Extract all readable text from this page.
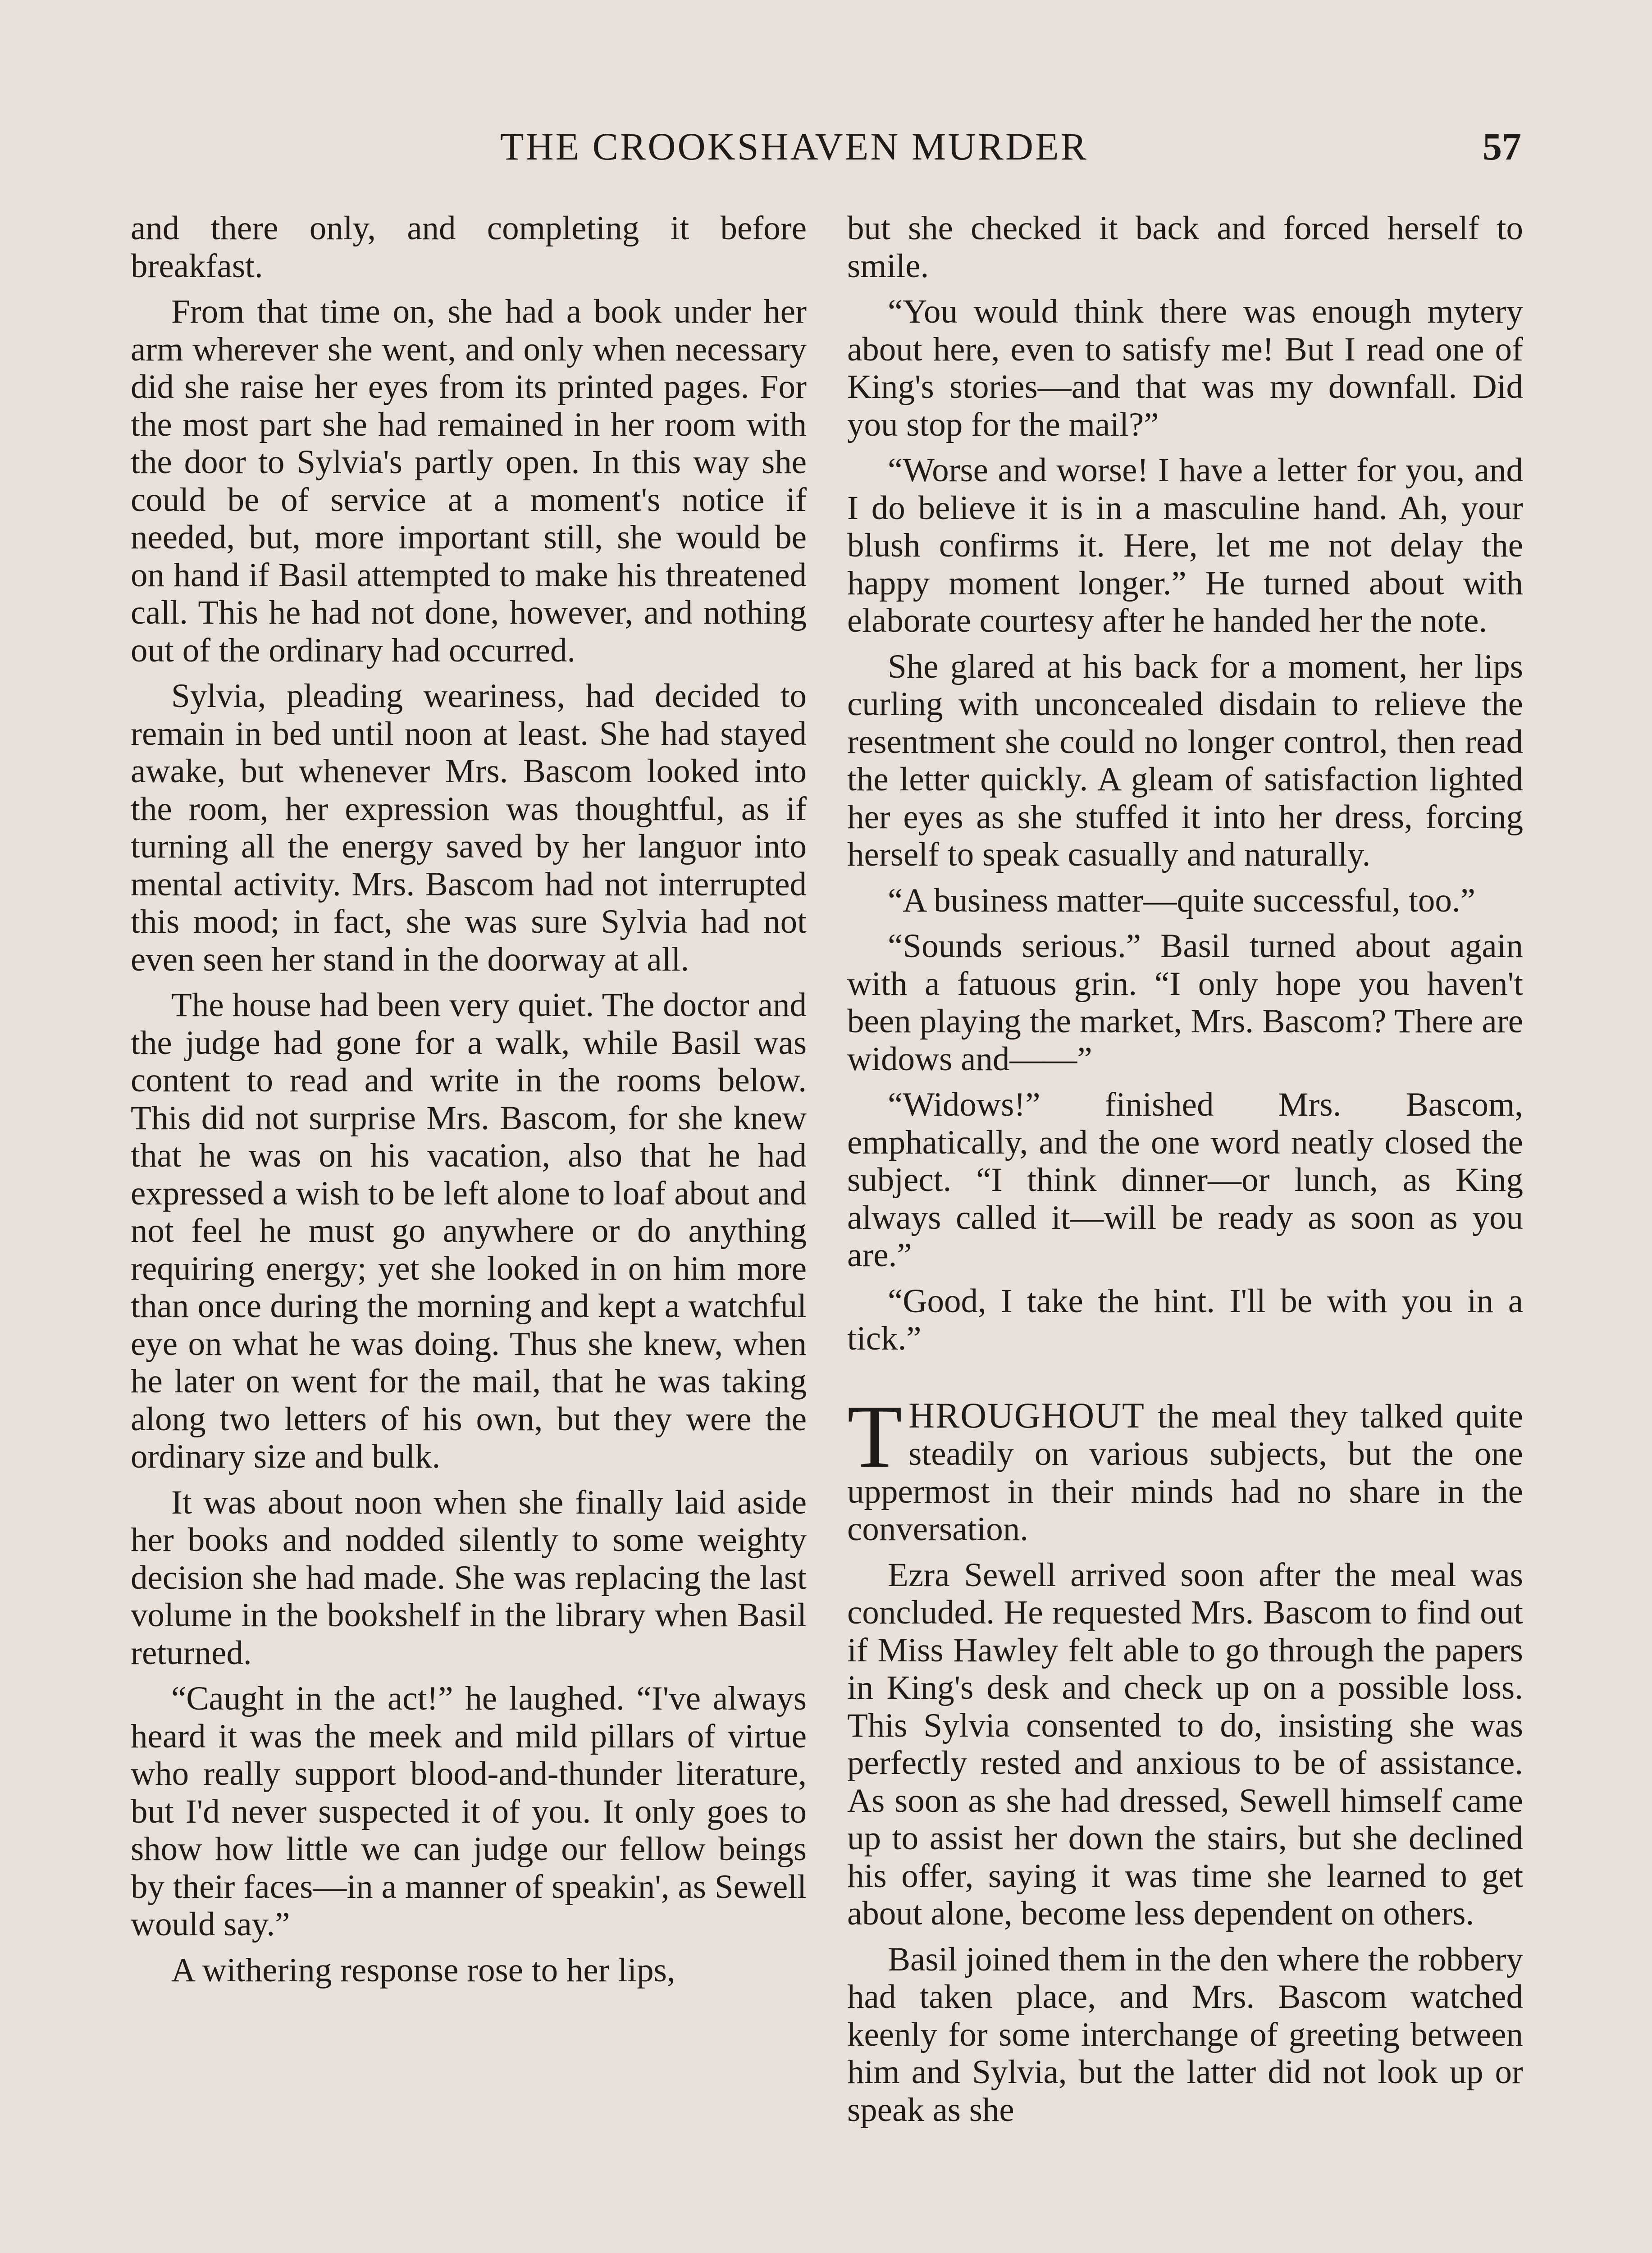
THE CROOKSHAVEN MURDER	57

and there only, and completing it before breakfast.

From that time on, she had a book under her arm wherever she went, and only when necessary did she raise her eyes from its printed pages. For the most part she had remained in her room with the door to Sylvia's partly open. In this way she could be of service at a moment's notice if needed, but, more important still, she would be on hand if Basil attempted to make his threatened call. This he had not done, however, and nothing out of the ordinary had occurred.

Sylvia, pleading weariness, had decided to remain in bed until noon at least. She had stayed awake, but whenever Mrs. Bascom looked into the room, her expression was thoughtful, as if turning all the energy saved by her languor into mental activity. Mrs. Bascom had not interrupted this mood; in fact, she was sure Sylvia had not even seen her stand in the doorway at all.

The house had been very quiet. The doctor and the judge had gone for a walk, while Basil was content to read and write in the rooms below. This did not surprise Mrs. Bascom, for she knew that he was on his vacation, also that he had expressed a wish to be left alone to loaf about and not feel he must go anywhere or do anything requiring energy; yet she looked in on him more than once during the morning and kept a watchful eye on what he was doing. Thus she knew, when he later on went for the mail, that he was taking along two letters of his own, but they were the ordinary size and bulk.

It was about noon when she finally laid aside her books and nodded silently to some weighty decision she had made. She was replacing the last volume in the bookshelf in the library when Basil returned.

“Caught in the act!” he laughed. “I've always heard it was the meek and mild pillars of virtue who really support blood-and-thunder literature, but I'd never suspected it of you. It only goes to show how little we can judge our fellow beings by their faces—in a manner of speakin', as Sewell would say.”

A withering response rose to her lips,

but she checked it back and forced herself to smile.

“You would think there was enough mytery about here, even to satisfy me! But I read one of King's stories—and that was my downfall. Did you stop for the mail?”

“Worse and worse! I have a letter for you, and I do believe it is in a masculine hand. Ah, your blush confirms it. Here, let me not delay the happy moment longer.” He turned about with elaborate courtesy after he handed her the note.

She glared at his back for a moment, her lips curling with unconcealed disdain to relieve the resentment she could no longer control, then read the letter quickly. A gleam of satisfaction lighted her eyes as she stuffed it into her dress, forcing herself to speak casually and naturally.

“A business matter—quite successful, too.”

“Sounds serious.” Basil turned about again with a fatuous grin. “I only hope you haven't been playing the market, Mrs. Bascom? There are widows and——”

“Widows!” finished Mrs. Bascom, emphatically, and the one word neatly closed the subject. “I think dinner—or lunch, as King always called it—will be ready as soon as you are.”

“Good, I take the hint. I'll be with you in a tick.”

THROUGHOUT the meal they talked quite steadily on various subjects, but the one uppermost in their minds had no share in the conversation.

Ezra Sewell arrived soon after the meal was concluded. He requested Mrs. Bascom to find out if Miss Hawley felt able to go through the papers in King's desk and check up on a possible loss. This Sylvia consented to do, insisting she was perfectly rested and anxious to be of assistance. As soon as she had dressed, Sewell himself came up to assist her down the stairs, but she declined his offer, saying it was time she learned to get about alone, become less dependent on others.

Basil joined them in the den where the robbery had taken place, and Mrs. Bascom watched keenly for some interchange of greeting between him and Sylvia, but the latter did not look up or speak as she
